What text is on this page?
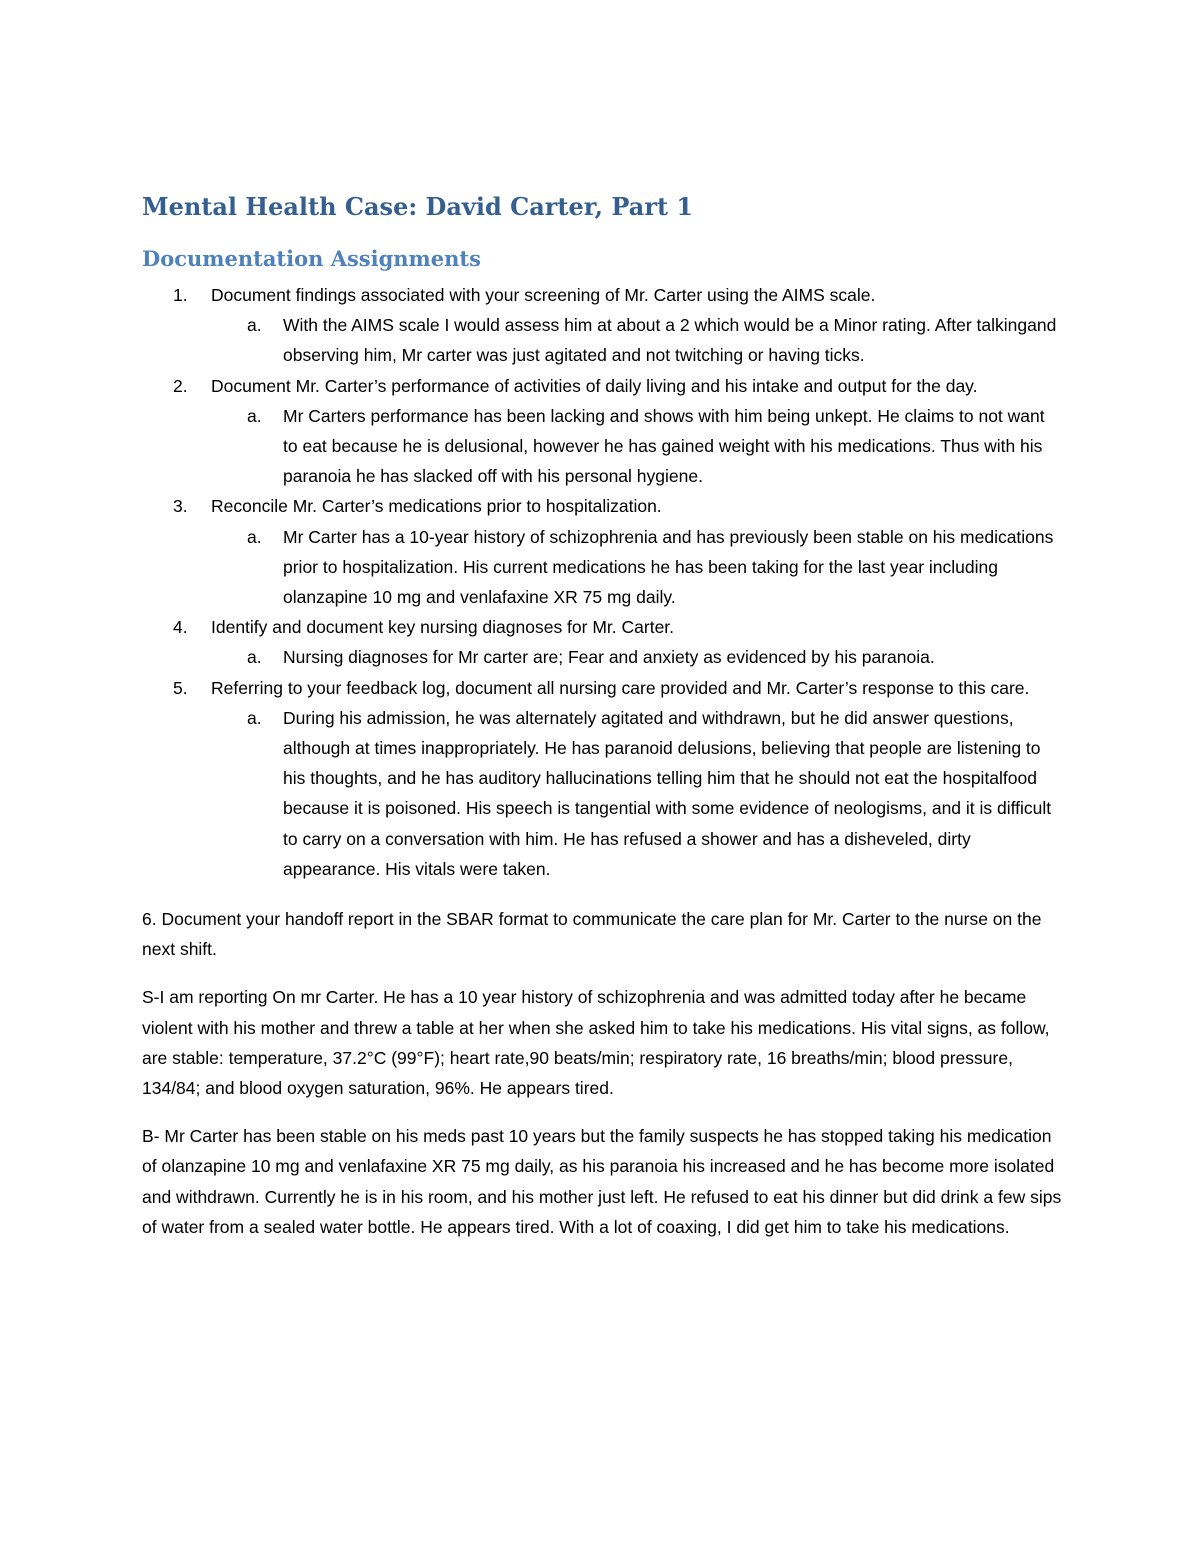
Mental Health Case: David Carter, Part 1
Documentation Assignments
1. Document findings associated with your screening of Mr. Carter using the AIMS scale.
a. With the AIMS scale I would assess him at about a 2 which would be a Minor rating. After talkingand observing him, Mr carter was just agitated and not twitching or having ticks.
2. Document Mr. Carter’s performance of activities of daily living and his intake and output for the day.
a. Mr Carters performance has been lacking and shows with him being unkept. He claims to not want to eat because he is delusional, however he has gained weight with his medications. Thus with his paranoia he has slacked off with his personal hygiene.
3. Reconcile Mr. Carter’s medications prior to hospitalization.
a. Mr Carter has a 10-year history of schizophrenia and has previously been stable on his medications prior to hospitalization. His current medications he has been taking for the last year including olanzapine 10 mg and venlafaxine XR 75 mg daily.
4. Identify and document key nursing diagnoses for Mr. Carter.
a. Nursing diagnoses for Mr carter are; Fear and anxiety as evidenced by his paranoia.
5. Referring to your feedback log, document all nursing care provided and Mr. Carter’s response to this care.
a. During his admission, he was alternately agitated and withdrawn, but he did answer questions, although at times inappropriately. He has paranoid delusions, believing that people are listening to his thoughts, and he has auditory hallucinations telling him that he should not eat the hospitalfood because it is poisoned. His speech is tangential with some evidence of neologisms, and it is difficult to carry on a conversation with him. He has refused a shower and has a disheveled, dirty appearance. His vitals were taken.

6. Document your handoff report in the SBAR format to communicate the care plan for Mr. Carter to the nurse on the next shift.

S-I am reporting On mr Carter. He has a 10 year history of schizophrenia and was admitted today after he became violent with his mother and threw a table at her when she asked him to take his medications. His vital signs, as follow, are stable: temperature, 37.2°C (99°F); heart rate,90 beats/min; respiratory rate, 16 breaths/min; blood pressure, 134/84; and blood oxygen saturation, 96%. He appears tired.

B- Mr Carter has been stable on his meds past 10 years but the family suspects he has stopped taking his medication of olanzapine 10 mg and venlafaxine XR 75 mg daily, as his paranoia his increased and he has become more isolated and withdrawn. Currently he is in his room, and his mother just left. He refused to eat his dinner but did drink a few sips of water from a sealed water bottle. He appears tired. With a lot of coaxing, I did get him to take his medications.
